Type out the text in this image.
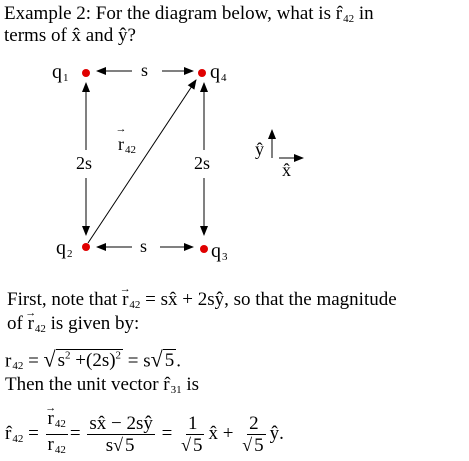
Example 2: For the diagram below, what is $r̂_{42}$ in
terms of x̂ and ŷ?
$q_1$	$q_4$
$q_2$	$q_3$
s
s
2s	2s
→ $r_{42}$	ŷ
x̂
First, note that → $r_{42}$ = sx̂ + 2sŷ, so that the magnitude
of → $r_{42}$ is given by:
$r_{42}$ = √ $s^2 +(2s)^2 = s√$ 5 .
Then the unit vector $r̂_{31}$ is
$r̂_{42}$ =
→ $\frac{r_{42}}{r_{42}} = \frac{sx̂ - 2sŷ}{s√ 5} = \frac{1}{√ 5}$ x̂ + $\frac{2}{√ 5}$ ŷ.
